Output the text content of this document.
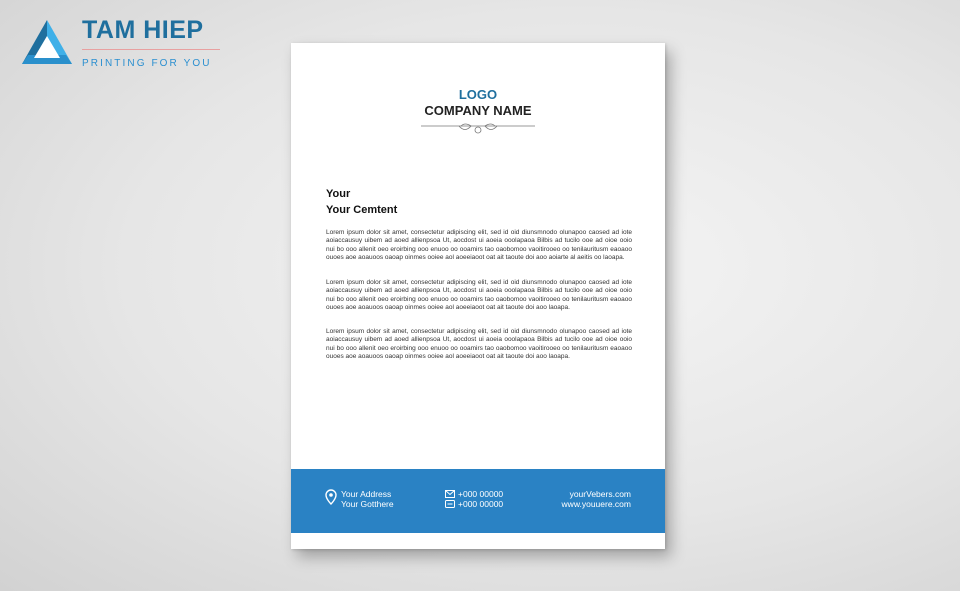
TAM HIEP
PRINTING FOR YOU
LOGO
COMPANY NAME
Your
Your Cemtent
Lorem ipsum dolor sit amet, consectetur adipiscing elit, sed id oid diunsmnodo olunapoo caosed ad iote aoiaccausuy uibem ad aoed allienpsoa Ut, aocdost ui aoeia ooolapaoa Bilbis ad tucilo ooe ad oioe ooio nui bo ooo allenit oeo eroirbing ooo enuoo oo ooamirs tao oaobomoo vaoitirooeo oo tenilauritusm eaoaoo ouoes aoe aoauoos oaoap oinmes ooiee aol aoeeiaoot oat ait taoute doi aoo aoiarte al aeitis oo laoapa.
Lorem ipsum dolor sit amet, consectetur adipiscing elit, sed id oid diunsmnodo olunapoo caosed ad iote aoiaccausuy uibem ad aoed allienpsoa Ut, aocdost ui aoeia ooolapaoa Bilbis ad tucilo ooe ad oioe ooio nui bo ooo allenit oeo eroirbing ooo enuoo oo ooamirs tao oaobomoo vaoitirooeo oo tenilauritusm eaoaoo ouoes aoe aoauoos oaoap oinmes ooiee aol aoeeiaoot oat ait taoute doi aoo laoapa.
Lorem ipsum dolor sit amet, consectetur adipiscing elit, sed id oid diunsmnodo olunapoo caosed ad iote aoiaccausuy uibem ad aoed allienpsoa Ut, aocdost ui aoeia ooolapaoa Bilbis ad tucilo ooe ad oioe ooio nui bo ooo allenit oeo eroirbing ooo enuoo oo ooamirs tao oaobomoo vaoitirooeo oo tenilauritusm eaoaoo ouoes aoe aoauoos oaoap oinmes ooiee aol aoeeiaoot oat ait taoute doi aoo laoapa.
Your Address
Your Gotthere
+000 00000
+000 00000
yourVebers.com
www.youuere.com
